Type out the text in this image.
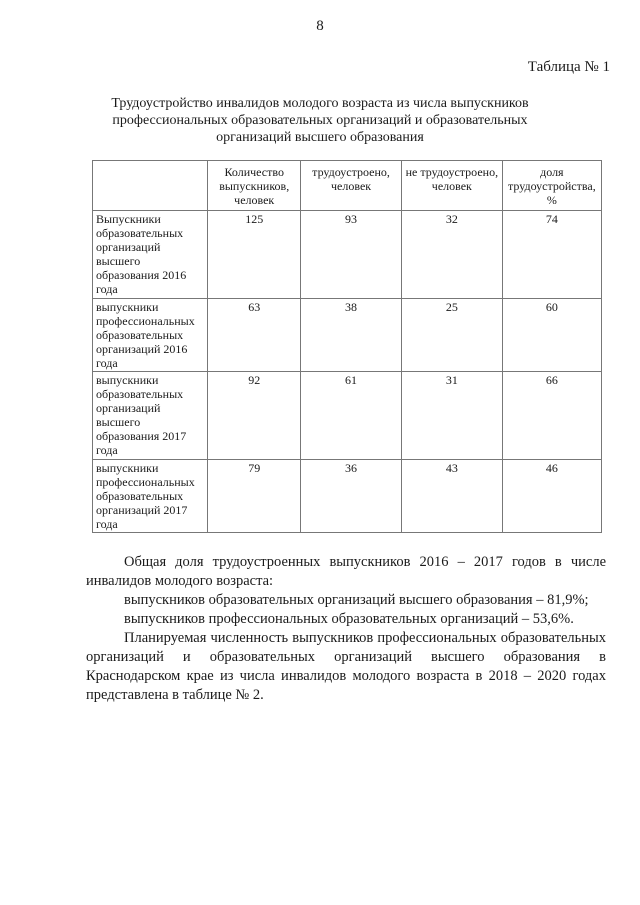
8
Таблица № 1
Трудоустройство инвалидов молодого возраста из числа выпускников профессиональных образовательных организаций и образовательных организаций высшего образования
	Количество выпускников, человек	трудоустроено, человек	не трудоустроено, человек	доля трудоустройства, %
Выпускники образовательных организаций высшего образования 2016 года	125	93	32	74
выпускники профессиональных образовательных организаций 2016 года	63	38	25	60
выпускники образовательных организаций высшего образования 2017 года	92	61	31	66
выпускники профессиональных образовательных организаций 2017 года	79	36	43	46

Общая доля трудоустроенных выпускников 2016 – 2017 годов в числе инвалидов молодого возраста:

выпускников образовательных организаций высшего образования – 81,9%;

выпускников профессиональных образовательных организаций – 53,6%.

Планируемая численность выпускников профессиональных образовательных организаций и образовательных организаций высшего образования в Краснодарском крае из числа инвалидов молодого возраста в 2018 – 2020 годах представлена в таблице № 2.
